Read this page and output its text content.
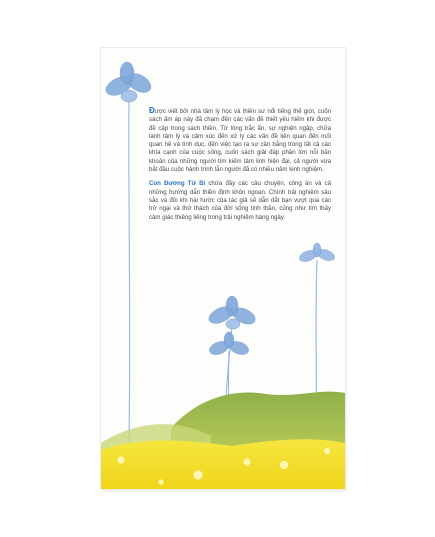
Được viết bởi nhà tâm lý học và thiền sư nổi tiếng thế giới, cuốn sách ấm áp này đã chạm đến các vấn đề thiết yếu hiếm khi được đề cập trong sách thiền. Từ lòng trắc ẩn, sự nghiện ngập, chữa lành tâm lý và cảm xúc đến xử lý các vấn đề liên quan đến mối quan hệ và tình dục, đến việc tạo ra sự cân bằng trong tất cả các khía cạnh của cuộc sống, cuốn sách giải đáp phần lớn nỗi băn khoăn của những người tìm kiếm tâm linh hiện đại, cả người vừa bắt đầu cuộc hành trình lẫn người đã có nhiều năm kinh nghiệm.

Con Đường Từ Bi chứa đầy các câu chuyện, công án và cả những hướng dẫn thiền định khôn ngoan. Chính trải nghiệm sâu sắc và đôi khi hài hước của tác giả sẽ dẫn dắt bạn vượt qua các trở ngại và thử thách của đời sống tinh thần, cũng như tìm thấy cảm giác thiêng liêng trong trải nghiệm hàng ngày.
